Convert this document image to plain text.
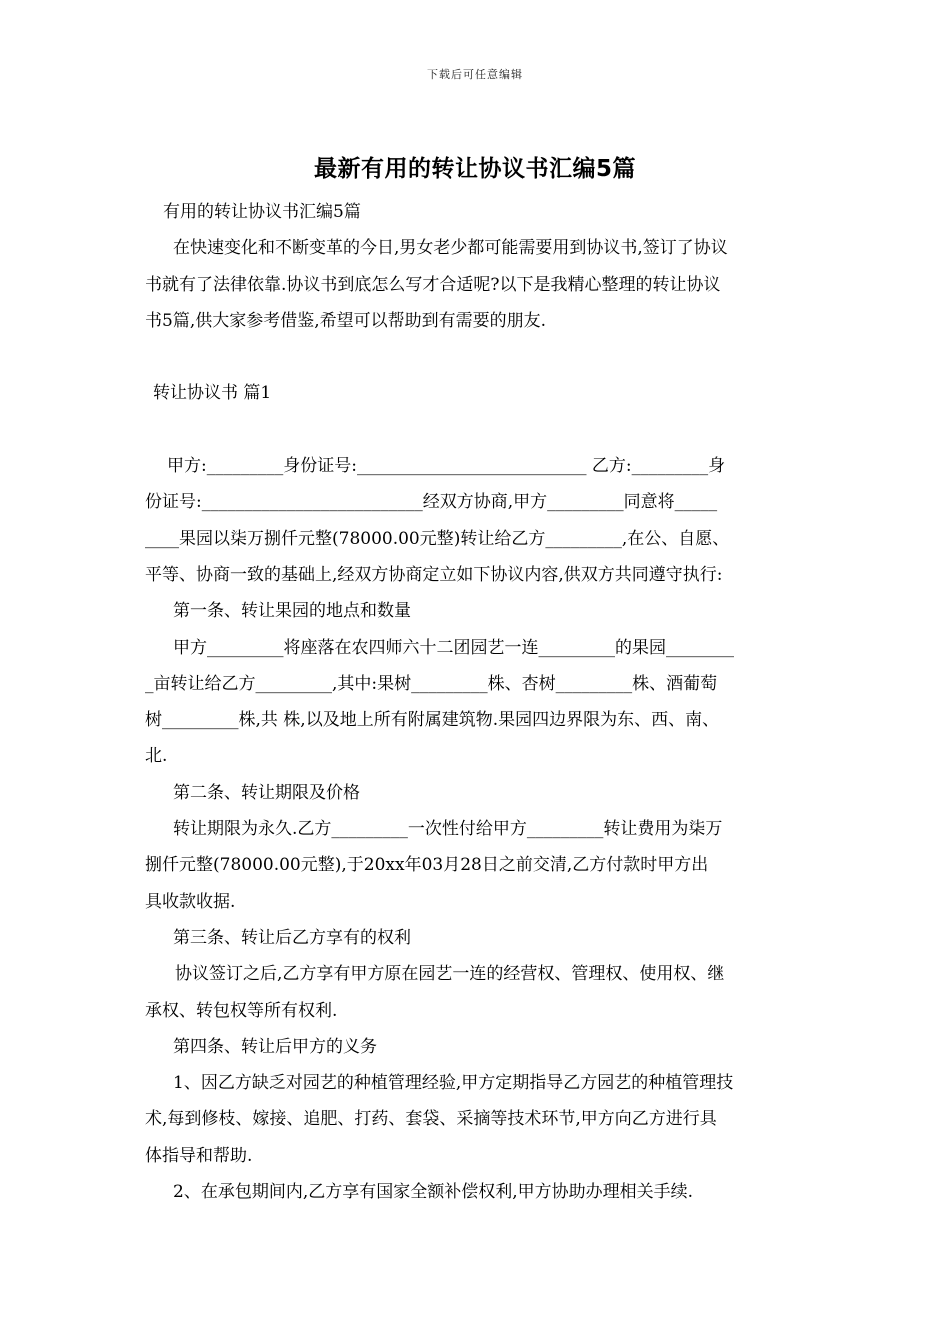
下载后可任意编辑
最新有用的转让协议书汇编5篇
有用的转让协议书汇编5篇
在快速变化和不断变革的今日,男女老少都可能需要用到协议书,签订了协议
书就有了法律依靠.协议书到底怎么写才合适呢?以下是我精心整理的转让协议
书5篇,供大家参考借鉴,希望可以帮助到有需要的朋友.
转让协议书 篇1
甲方:_________身份证号:___________________________ 乙方:_________身
份证号:__________________________经双方协商,甲方_________同意将_____
____果园以柒万捌仟元整(78000.00元整)转让给乙方_________,在公、自愿、
平等、协商一致的基础上,经双方协商定立如下协议内容,供双方共同遵守执行:
第一条、转让果园的地点和数量
甲方_________将座落在农四师六十二团园艺一连_________的果园________
_亩转让给乙方_________,其中:果树_________株、杏树_________株、酒葡萄
树_________株,共 株,以及地上所有附属建筑物.果园四边界限为东、西、南、
北.
第二条、转让期限及价格
转让期限为永久.乙方_________一次性付给甲方_________转让费用为柒万
捌仟元整(78000.00元整),于20xx年03月28日之前交清,乙方付款时甲方出
具收款收据.
第三条、转让后乙方享有的权利
协议签订之后,乙方享有甲方原在园艺一连的经营权、管理权、使用权、继
承权、转包权等所有权利.
第四条、转让后甲方的义务
1、因乙方缺乏对园艺的种植管理经验,甲方定期指导乙方园艺的种植管理技
术,每到修枝、嫁接、追肥、打药、套袋、采摘等技术环节,甲方向乙方进行具
体指导和帮助.
2、在承包期间内,乙方享有国家全额补偿权利,甲方协助办理相关手续.
